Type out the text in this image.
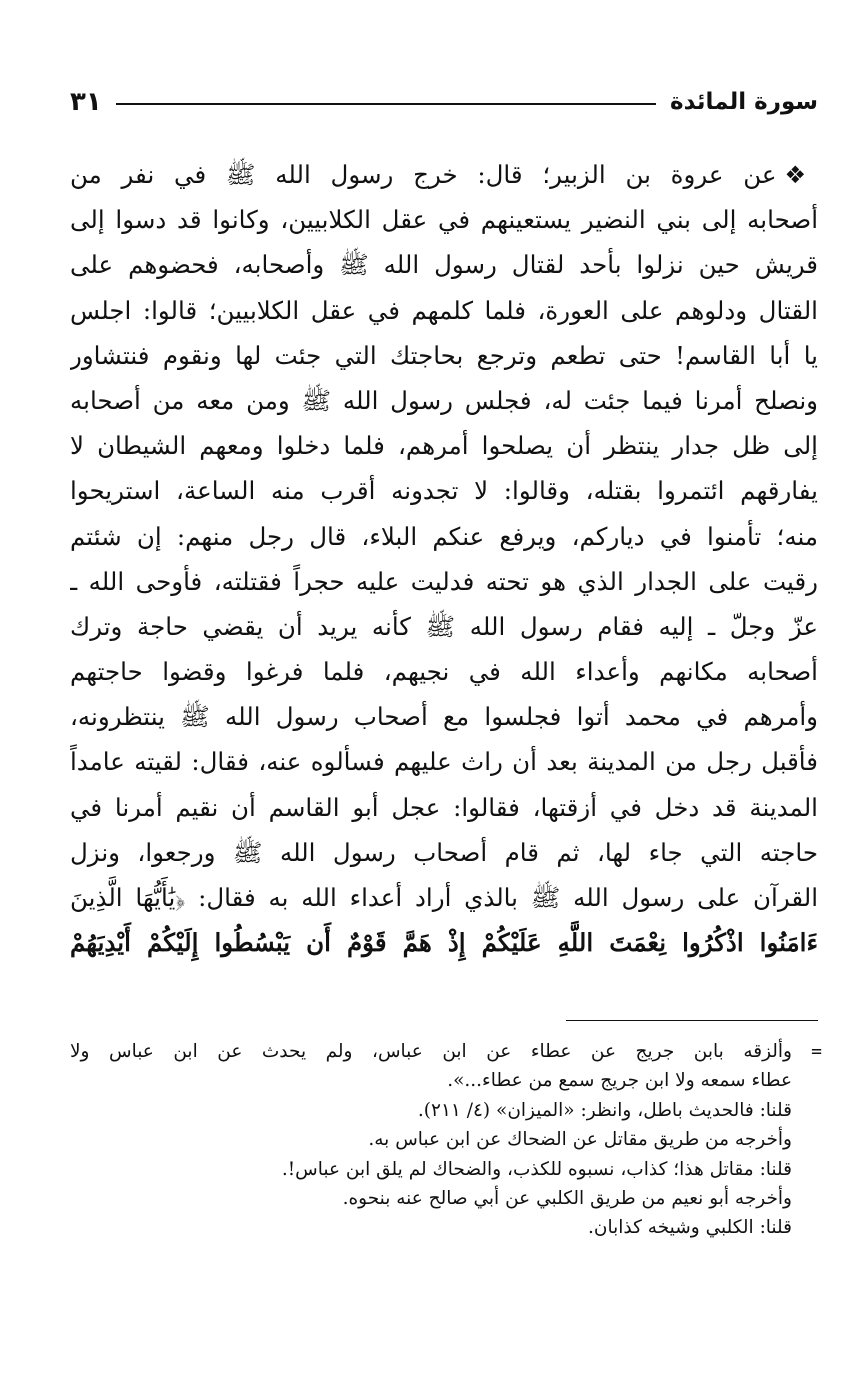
سورة المائدة
٣١
❖عن عروة بن الزبير؛ قال: خرج رسول الله ﷺ في نفر من
أصحابه إلى بني النضير يستعينهم في عقل الكلابيين، وكانوا قد دسوا إلى
قريش حين نزلوا بأحد لقتال رسول الله ﷺ وأصحابه، فحضوهم على
القتال ودلوهم على العورة، فلما كلمهم في عقل الكلابيين؛ قالوا: اجلس
يا أبا القاسم! حتى تطعم وترجع بحاجتك التي جئت لها ونقوم فنتشاور
ونصلح أمرنا فيما جئت له، فجلس رسول الله ﷺ ومن معه من أصحابه
إلى ظل جدار ينتظر أن يصلحوا أمرهم، فلما دخلوا ومعهم الشيطان لا
يفارقهم ائتمروا بقتله، وقالوا: لا تجدونه أقرب منه الساعة، استريحوا
منه؛ تأمنوا في دياركم، ويرفع عنكم البلاء، قال رجل منهم: إن شئتم
رقيت على الجدار الذي هو تحته فدليت عليه حجراً فقتلته، فأوحى الله ـ
عزّ وجلّ ـ إليه فقام رسول الله ﷺ كأنه يريد أن يقضي حاجة وترك
أصحابه مكانهم وأعداء الله في نجيهم، فلما فرغوا وقضوا حاجتهم
وأمرهم في محمد أتوا فجلسوا مع أصحاب رسول الله ﷺ ينتظرونه،
فأقبل رجل من المدينة بعد أن راث عليهم فسألوه عنه، فقال: لقيته عامداً
المدينة قد دخل في أزقتها، فقالوا: عجل أبو القاسم أن نقيم أمرنا في
حاجته التي جاء لها، ثم قام أصحاب رسول الله ﷺ ورجعوا، ونزل
القرآن على رسول الله ﷺ بالذي أراد أعداء الله به فقال: ﴿يَٰأَيُّهَا الَّذِينَ
ءَامَنُوا اذْكُرُوا نِعْمَتَ اللَّهِ عَلَيْكُمْ إِذْ هَمَّ قَوْمٌ أَن يَبْسُطُوا إِلَيْكُمْ أَيْدِيَهُمْ
=
وألزقه بابن جريج عن عطاء عن ابن عباس، ولم يحدث عن ابن عباس ولا
عطاء سمعه ولا ابن جريج سمع من عطاء...».
قلنا: فالحديث باطل، وانظر: «الميزان» (٤/ ٢١١).
وأخرجه من طريق مقاتل عن الضحاك عن ابن عباس به.
قلنا: مقاتل هذا؛ كذاب، نسبوه للكذب، والضحاك لم يلق ابن عباس!.
وأخرجه أبو نعيم من طريق الكلبي عن أبي صالح عنه بنحوه.
قلنا: الكلبي وشيخه كذابان.
